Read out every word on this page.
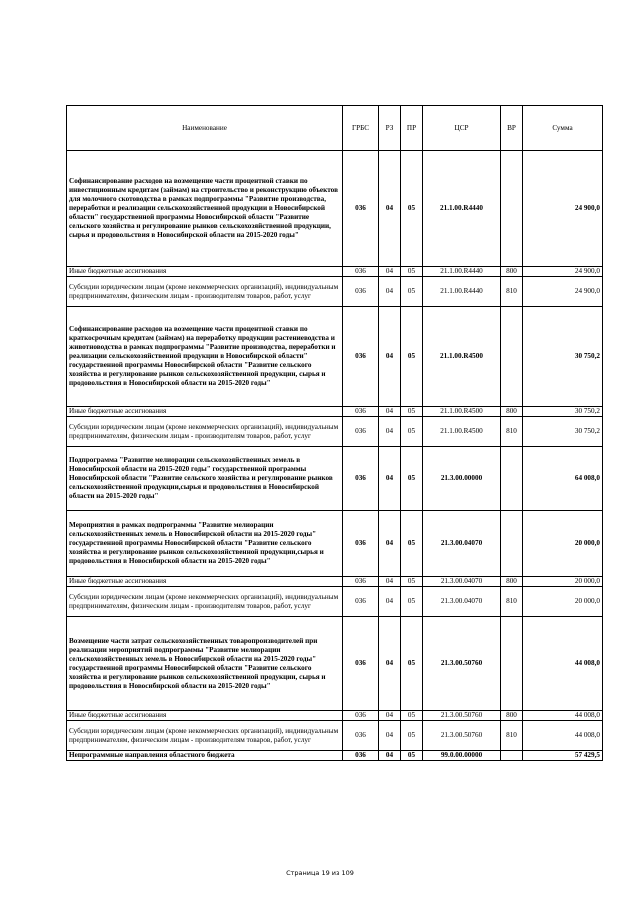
Наименование	ГРБС	РЗ	ПР	ЦСР	ВР	Сумма
Софинансирование расходов на возмещение части процентной ставки по инвестиционным кредитам (займам) на строительство и реконструкцию объектов для молочного скотоводства в рамках подпрограммы "Развитие производства, переработки и реализации сельскохозяйственной продукции в Новосибирской области" государственной программы Новосибирской области "Развитие сельского хозяйства и регулирование рынков сельскохозяйственной продукции, сырья и продовольствия в Новосибирской области на 2015-2020 годы"	036	04	05	21.1.00.R4440		24 900,0
Иные бюджетные ассигнования	036	04	05	21.1.00.R4440	800	24 900,0
Субсидии юридическим лицам (кроме некоммерческих организаций), индивидуальным предпринимателям, физическим лицам - производителям товаров, работ, услуг	036	04	05	21.1.00.R4440	810	24 900,0
Софинансирование расходов на возмещение части процентной ставки по краткосрочным кредитам (займам) на переработку продукции растениеводства и животноводства в рамках подпрограммы "Развитие производства, переработки и реализации сельскохозяйственной продукции в Новосибирской области" государственной программы Новосибирской области "Развитие сельского хозяйства и регулирование рынков сельскохозяйственной продукции, сырья и продовольствия в Новосибирской области на 2015-2020 годы"	036	04	05	21.1.00.R4500		30 750,2
Иные бюджетные ассигнования	036	04	05	21.1.00.R4500	800	30 750,2
Субсидии юридическим лицам (кроме некоммерческих организаций), индивидуальным предпринимателям, физическим лицам - производителям товаров, работ, услуг	036	04	05	21.1.00.R4500	810	30 750,2
Подпрограмма "Развитие мелиорации сельскохозяйственных земель в Новосибирской области на 2015-2020 годы" государственной программы Новосибирской области "Развитие сельского хозяйства и регулирование рынков сельскохозяйственной продукции,сырья и продовольствия в Новосибирской области на 2015-2020 годы"	036	04	05	21.3.00.00000		64 008,0
Мероприятия в рамках подпрограммы "Развитие мелиорации сельскохозяйственных земель в Новосибирской области на 2015-2020 годы" государственной программы Новосибирской области "Развитие сельского хозяйства и регулирование рынков сельскохозяйственной продукции,сырья и продовольствия в Новосибирской области на 2015-2020 годы"	036	04	05	21.3.00.04070		20 000,0
Иные бюджетные ассигнования	036	04	05	21.3.00.04070	800	20 000,0
Субсидии юридическим лицам (кроме некоммерческих организаций), индивидуальным предпринимателям, физическим лицам - производителям товаров, работ, услуг	036	04	05	21.3.00.04070	810	20 000,0
Возмещение части затрат сельскохозяйственных товаропроизводителей при реализации мероприятий подпрограммы "Развитие мелиорации сельскохозяйственных земель в Новосибирской области на 2015-2020 годы" государственной программы Новосибирской области "Развитие сельского хозяйства и регулирование рынков сельскохозяйственной продукции, сырья и продовольствия в Новосибирской области на 2015-2020 годы"	036	04	05	21.3.00.50760		44 008,0
Иные бюджетные ассигнования	036	04	05	21.3.00.50760	800	44 008,0
Субсидии юридическим лицам (кроме некоммерческих организаций), индивидуальным предпринимателям, физическим лицам - производителям товаров, работ, услуг	036	04	05	21.3.00.50760	810	44 008,0
Непрограммные направления областного бюджета	036	04	05	99.0.00.00000		57 429,5
Страница 19 из 109
